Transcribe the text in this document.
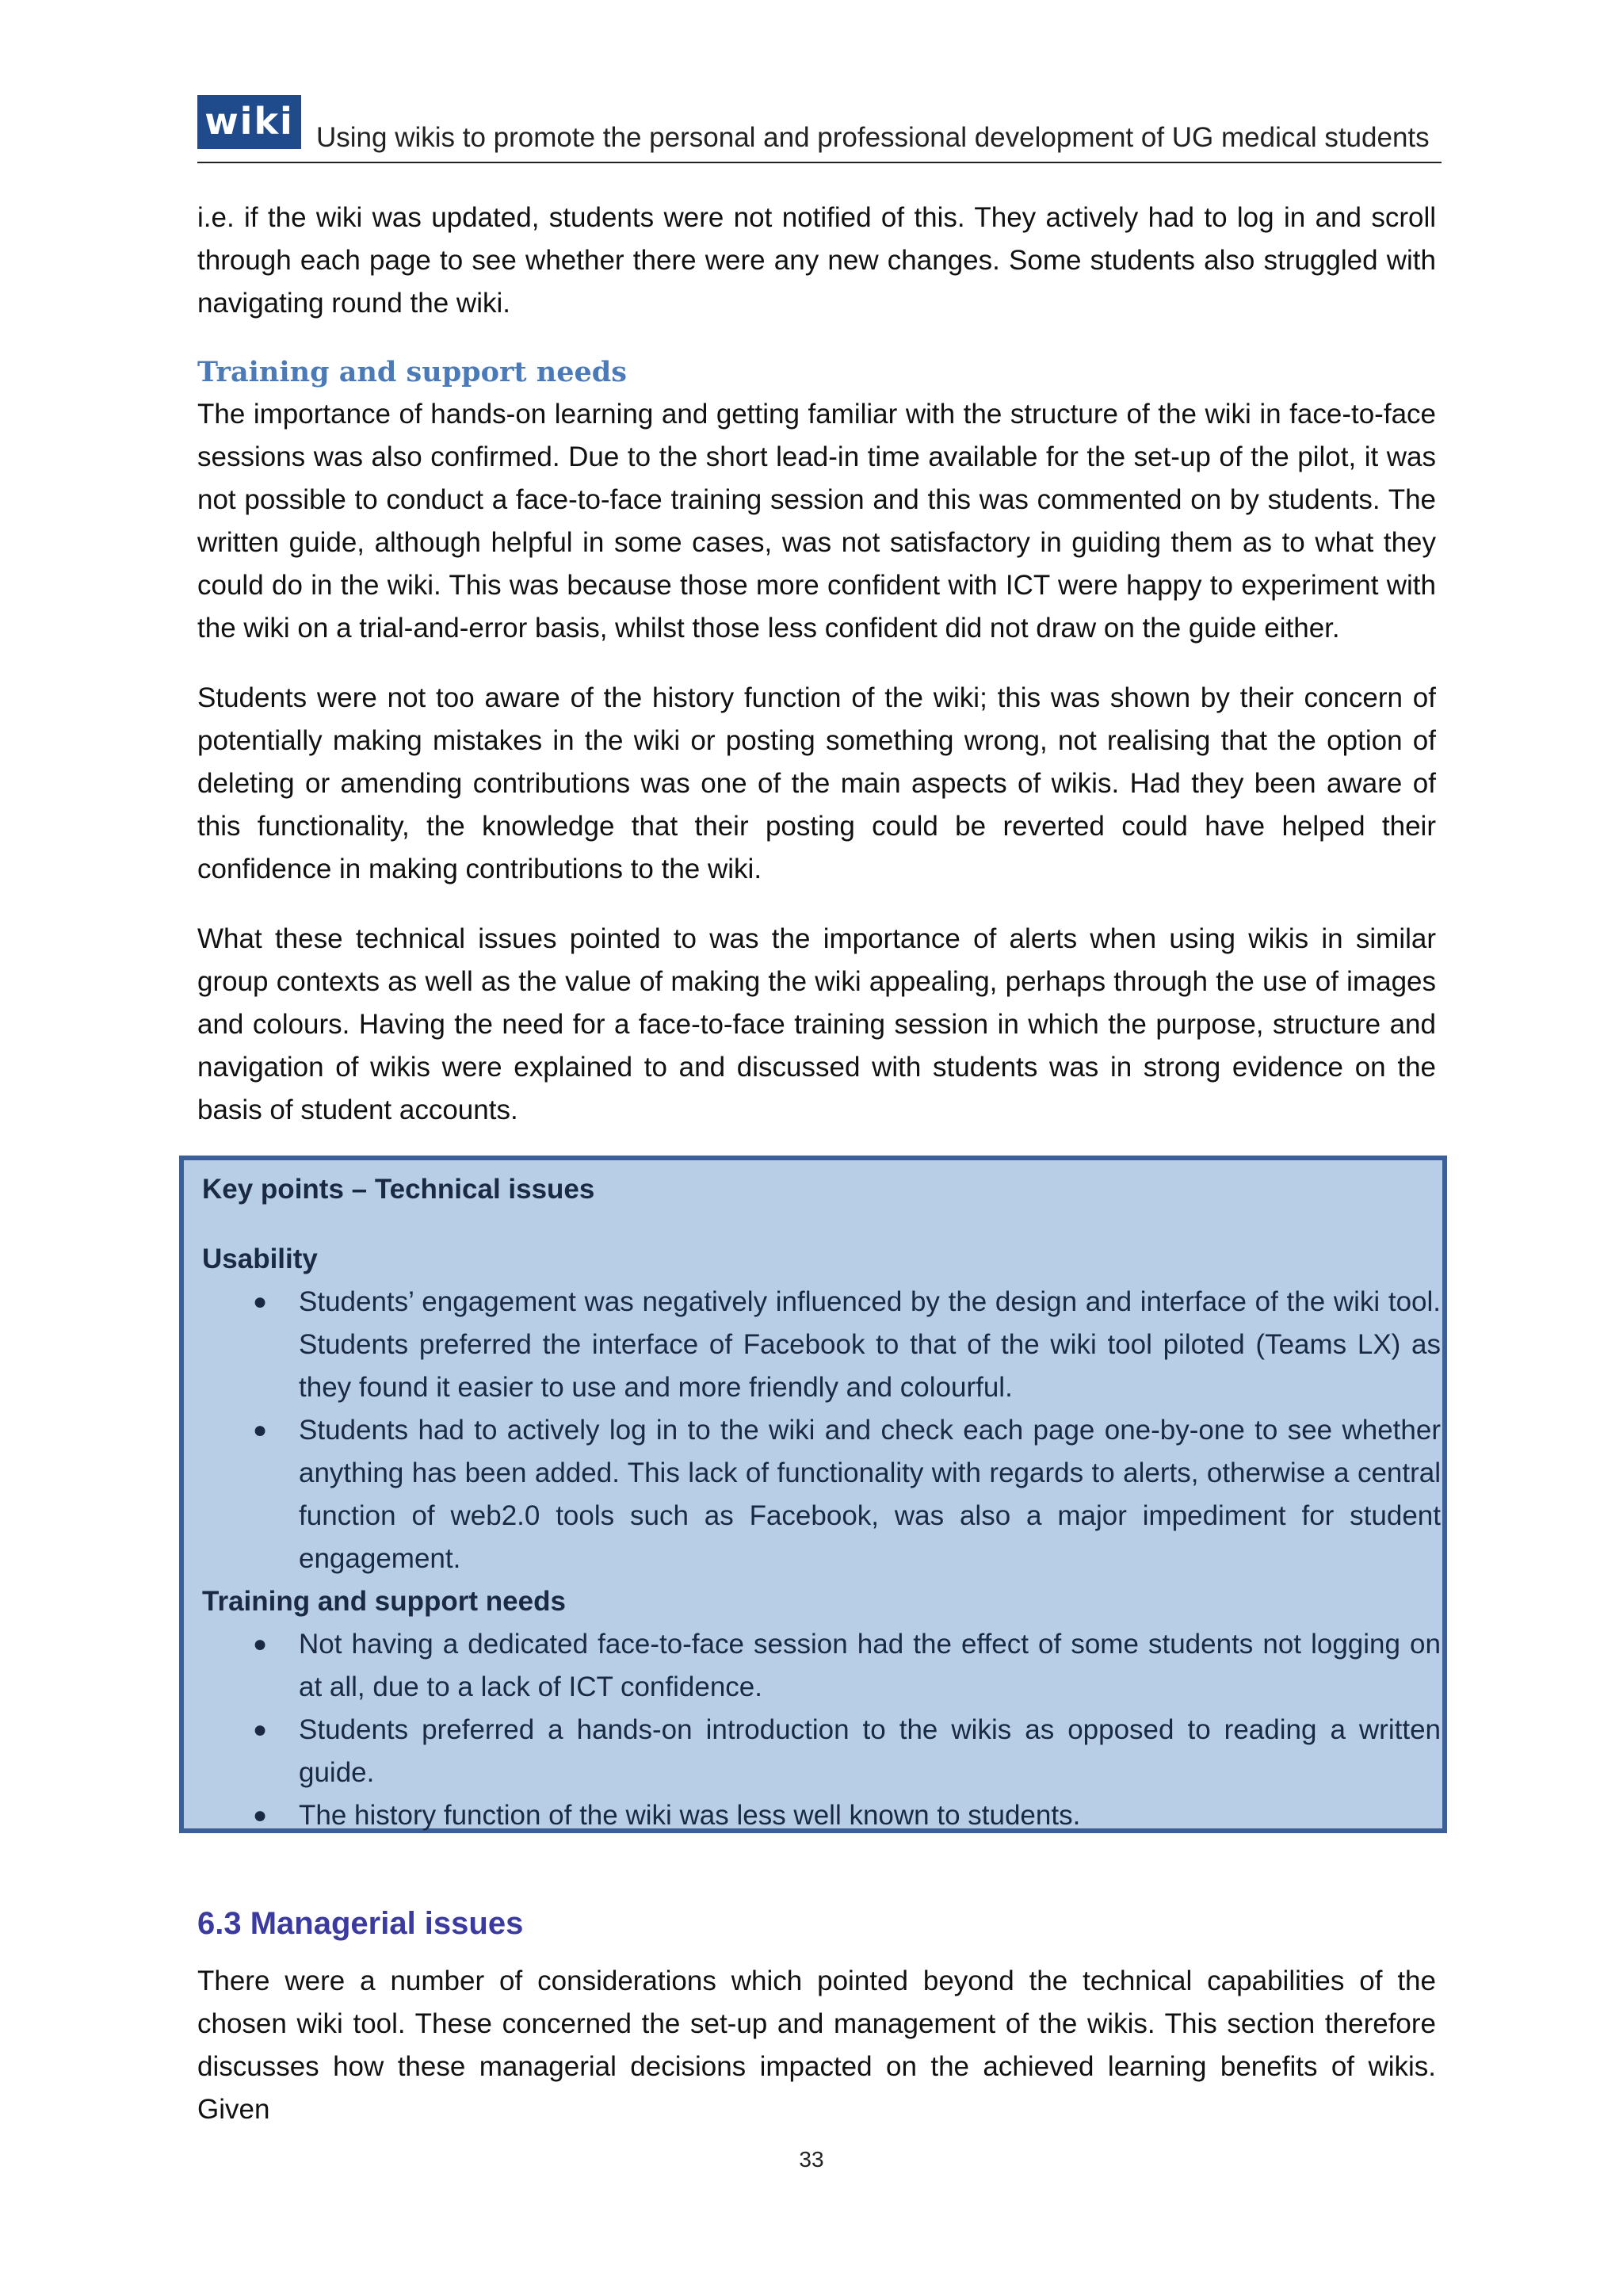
wiki Using wikis to promote the personal and professional development of UG medical students

i.e. if the wiki was updated, students were not notified of this. They actively had to log in and scroll through each page to see whether there were any new changes. Some students also struggled with navigating round the wiki.

Training and support needs

The importance of hands-on learning and getting familiar with the structure of the wiki in face-to-face sessions was also confirmed. Due to the short lead-in time available for the set-up of the pilot, it was not possible to conduct a face-to-face training session and this was commented on by students. The written guide, although helpful in some cases, was not satisfactory in guiding them as to what they could do in the wiki. This was because those more confident with ICT were happy to experiment with the wiki on a trial-and-error basis, whilst those less confident did not draw on the guide either.

Students were not too aware of the history function of the wiki; this was shown by their concern of potentially making mistakes in the wiki or posting something wrong, not realising that the option of deleting or amending contributions was one of the main aspects of wikis. Had they been aware of this functionality, the knowledge that their posting could be reverted could have helped their confidence in making contributions to the wiki.

What these technical issues pointed to was the importance of alerts when using wikis in similar group contexts as well as the value of making the wiki appealing, perhaps through the use of images and colours. Having the need for a face-to-face training session in which the purpose, structure and navigation of wikis were explained to and discussed with students was in strong evidence on the basis of student accounts.

Key points – Technical issues
Usability
● Students’ engagement was negatively influenced by the design and interface of the wiki tool. Students preferred the interface of Facebook to that of the wiki tool piloted (Teams LX) as they found it easier to use and more friendly and colourful.
● Students had to actively log in to the wiki and check each page one-by-one to see whether anything has been added. This lack of functionality with regards to alerts, otherwise a central function of web2.0 tools such as Facebook, was also a major impediment for student engagement.
Training and support needs
● Not having a dedicated face-to-face session had the effect of some students not logging on at all, due to a lack of ICT confidence.
● Students preferred a hands-on introduction to the wikis as opposed to reading a written guide.
● The history function of the wiki was less well known to students.
6.3 Managerial issues

There were a number of considerations which pointed beyond the technical capabilities of the chosen wiki tool. These concerned the set-up and management of the wikis. This section therefore discusses how these managerial decisions impacted on the achieved learning benefits of wikis. Given

33
